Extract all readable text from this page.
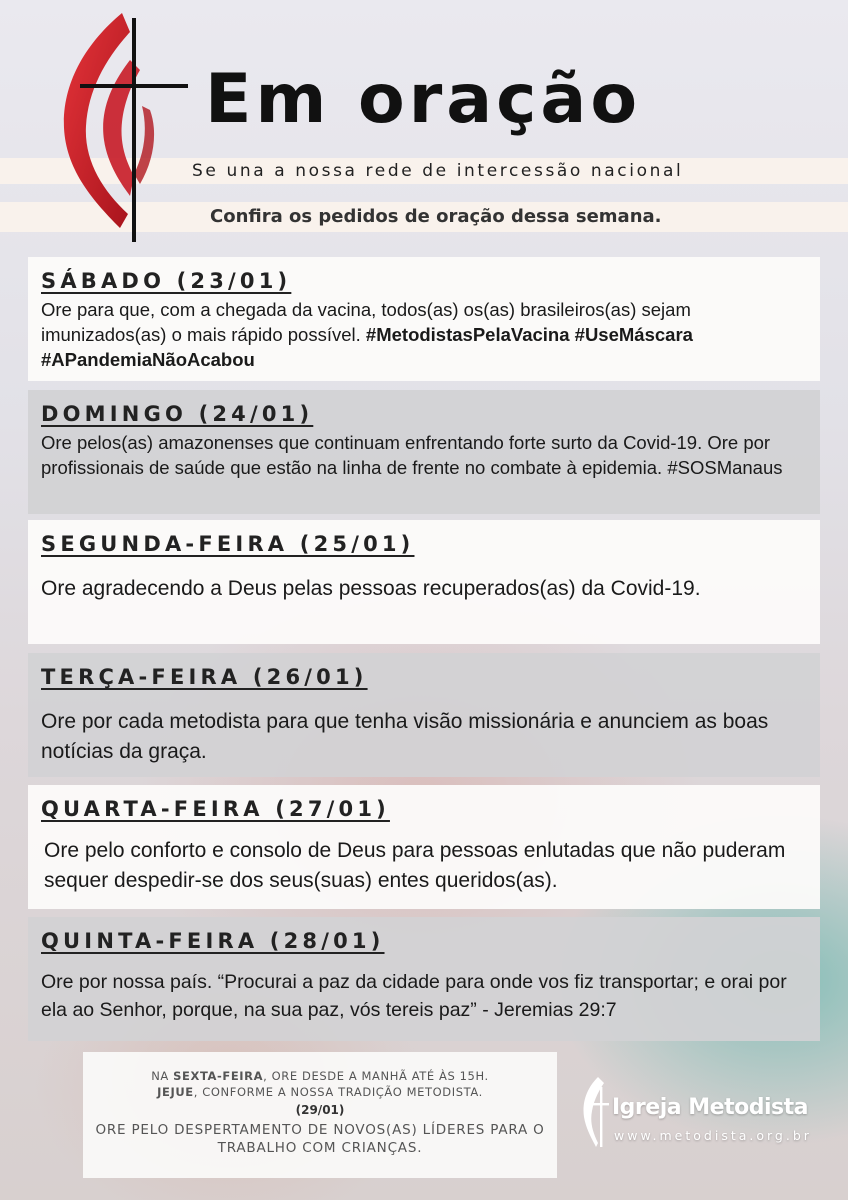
Em oração
Se una a nossa rede de intercessão nacional
Confira os pedidos de oração dessa semana.
SÁBADO (23/01)

Ore para que, com a chegada da vacina, todos(as) os(as) brasileiros(as) sejam imunizados(as) o mais rápido possível. #MetodistasPelaVacina #UseMáscara #APandemiaNãoAcabou

DOMINGO (24/01)

Ore pelos(as) amazonenses que continuam enfrentando forte surto da Covid-19. Ore por profissionais de saúde que estão na linha de frente no combate à epidemia. #SOSManaus

SEGUNDA-FEIRA (25/01)

Ore agradecendo a Deus pelas pessoas recuperados(as) da Covid-19.

TERÇA-FEIRA (26/01)

Ore por cada metodista para que tenha visão missionária e anunciem as boas notícias da graça.

QUARTA-FEIRA (27/01)

Ore pelo conforto e consolo de Deus para pessoas enlutadas que não puderam sequer despedir-se dos seus(suas) entes queridos(as).

QUINTA-FEIRA (28/01)

Ore por nossa país. “Procurai a paz da cidade para onde vos fiz transportar; e orai por ela ao Senhor, porque, na sua paz, vós tereis paz” - Jeremias 29:7

NA SEXTA-FEIRA, ORE DESDE A MANHÃ ATÉ ÀS 15H.
JEJUE, CONFORME A NOSSA TRADIÇÃO METODISTA.
(29/01)
ORE PELO DESPERTAMENTO DE NOVOS(AS) LÍDERES PARA O TRABALHO COM CRIANÇAS.
Igreja Metodista
www.metodista.org.br
